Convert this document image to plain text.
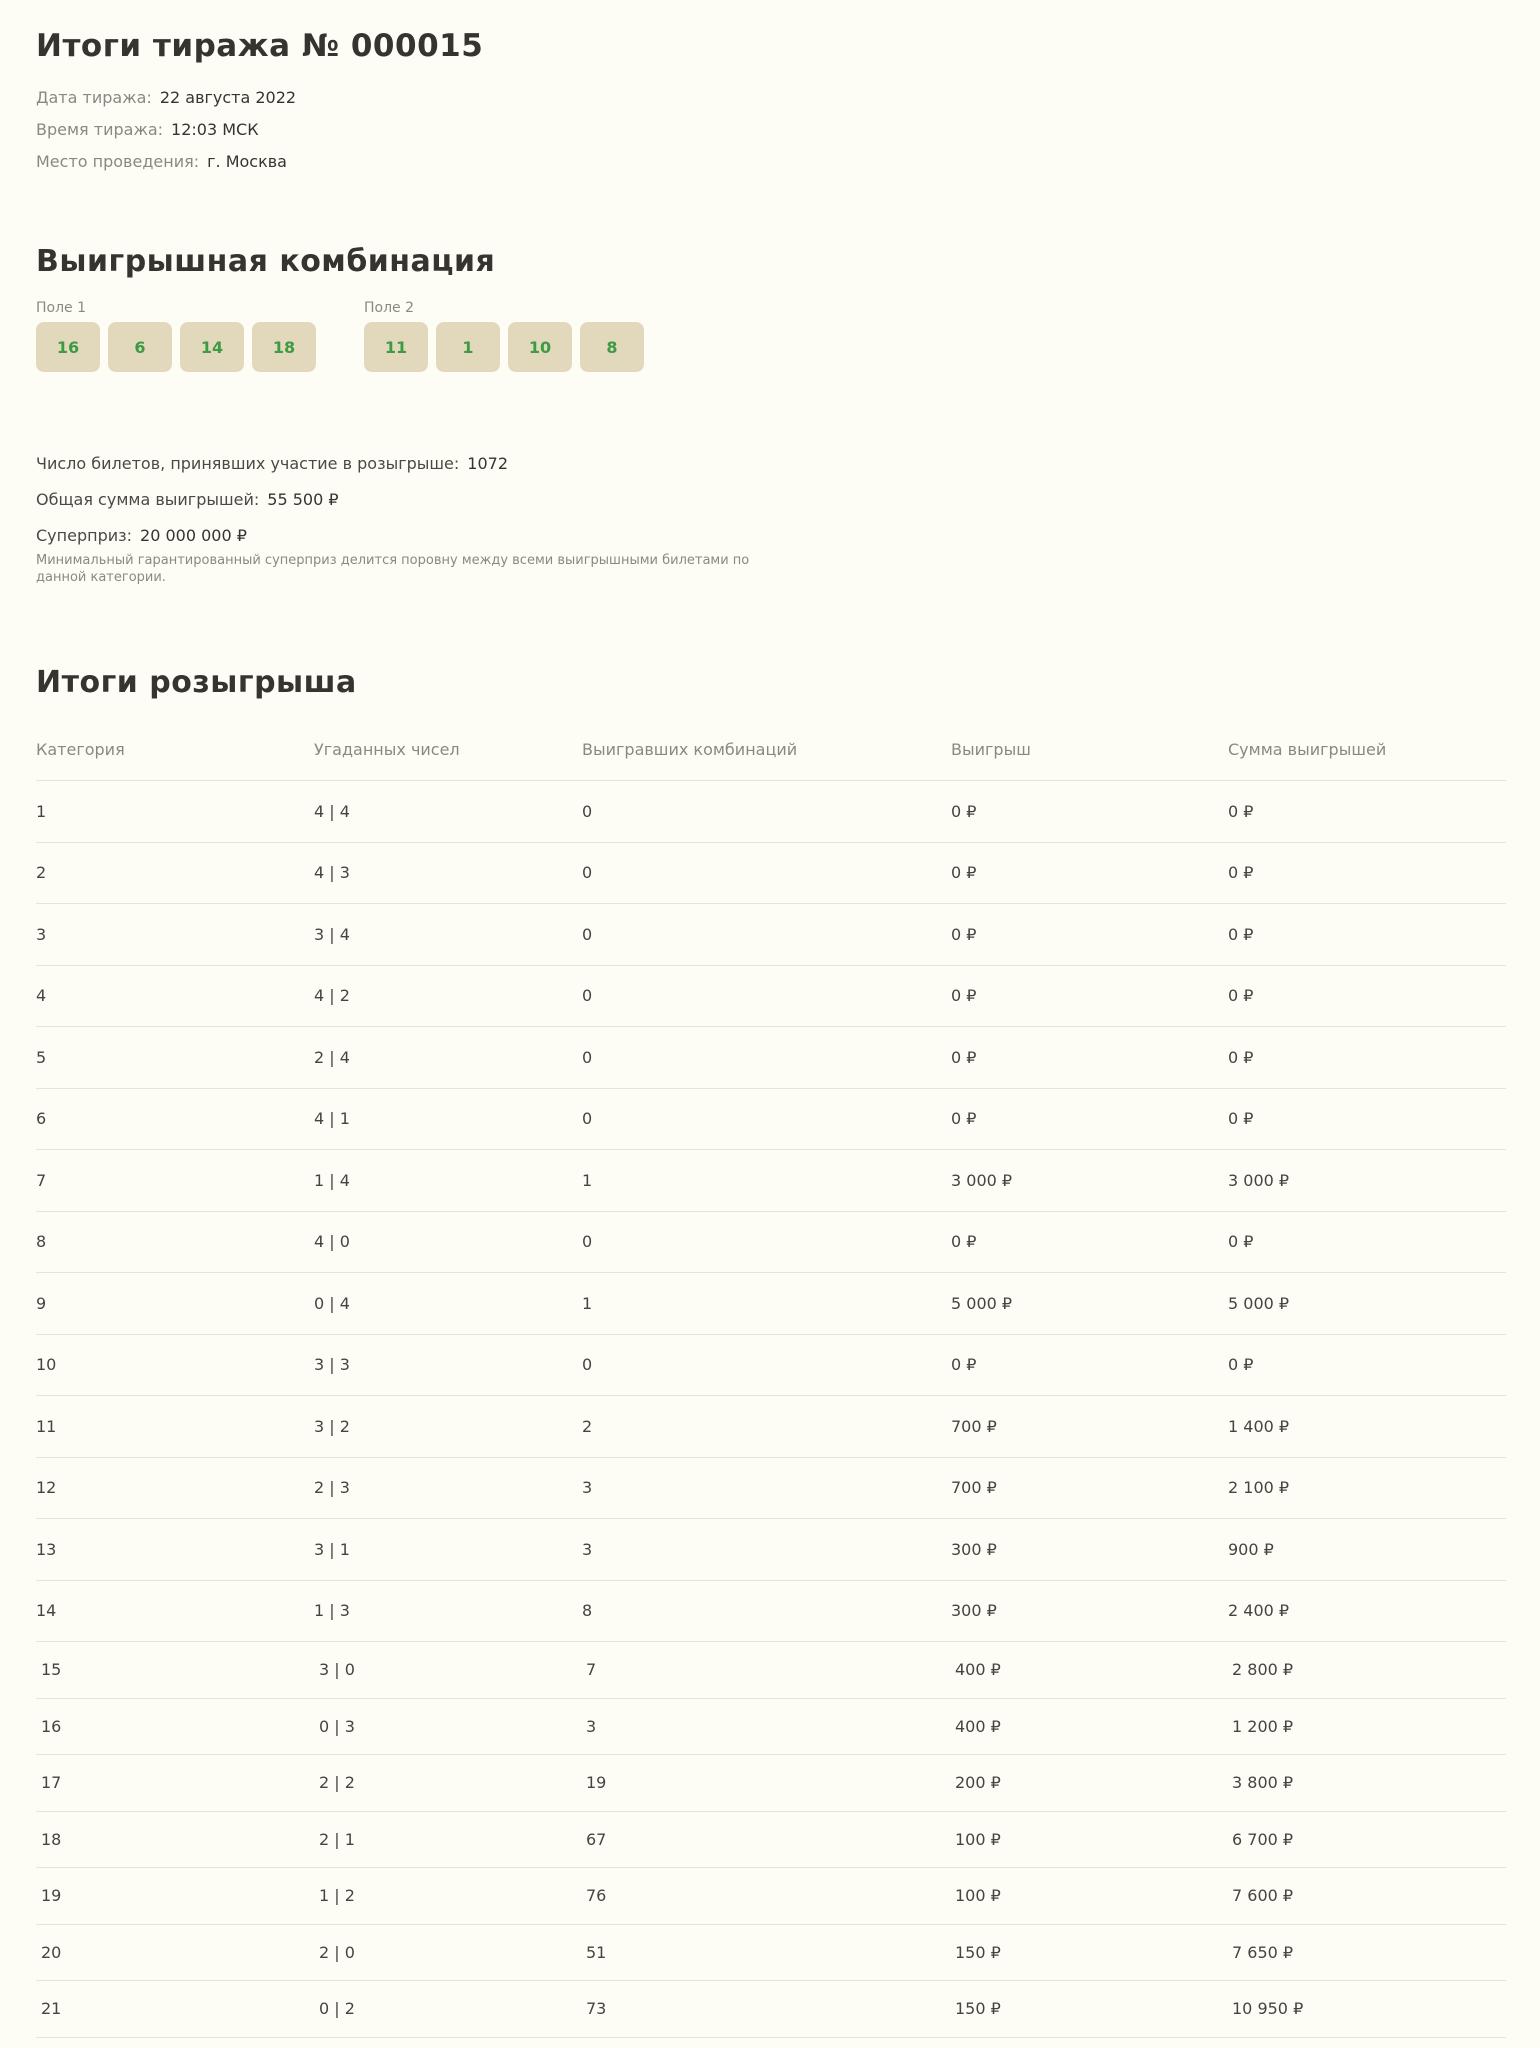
Итоги тиража № 000015
Дата тиража: 22 августа 2022
Время тиража: 12:03 МСК
Место проведения: г. Москва
Выигрышная комбинация
Поле 1	Поле 2
16	6	14	18	11	1	10	8
Число билетов, принявших участие в розыгрыше: 1072
Общая сумма выигрышей: 55 500 ₽
Суперприз: 20 000 000 ₽
Минимальный гарантированный суперприз делится поровну между всеми выигрышными билетами по данной категории.
Итоги розыгрыша
Категория	Угаданных чисел	Выигравших комбинаций	Выигрыш	Сумма выигрышей
1	4 | 4	0	0 ₽	0 ₽
2	4 | 3	0	0 ₽	0 ₽
3	3 | 4	0	0 ₽	0 ₽
4	4 | 2	0	0 ₽	0 ₽
5	2 | 4	0	0 ₽	0 ₽
6	4 | 1	0	0 ₽	0 ₽
7	1 | 4	1	3 000 ₽	3 000 ₽
8	4 | 0	0	0 ₽	0 ₽
9	0 | 4	1	5 000 ₽	5 000 ₽
10	3 | 3	0	0 ₽	0 ₽
11	3 | 2	2	700 ₽	1 400 ₽
12	2 | 3	3	700 ₽	2 100 ₽
13	3 | 1	3	300 ₽	900 ₽
14	1 | 3	8	300 ₽	2 400 ₽
15	3 | 0	7	400 ₽	2 800 ₽
16	0 | 3	3	400 ₽	1 200 ₽
17	2 | 2	19	200 ₽	3 800 ₽
18	2 | 1	67	100 ₽	6 700 ₽
19	1 | 2	76	100 ₽	7 600 ₽
20	2 | 0	51	150 ₽	7 650 ₽
21	0 | 2	73	150 ₽	10 950 ₽
